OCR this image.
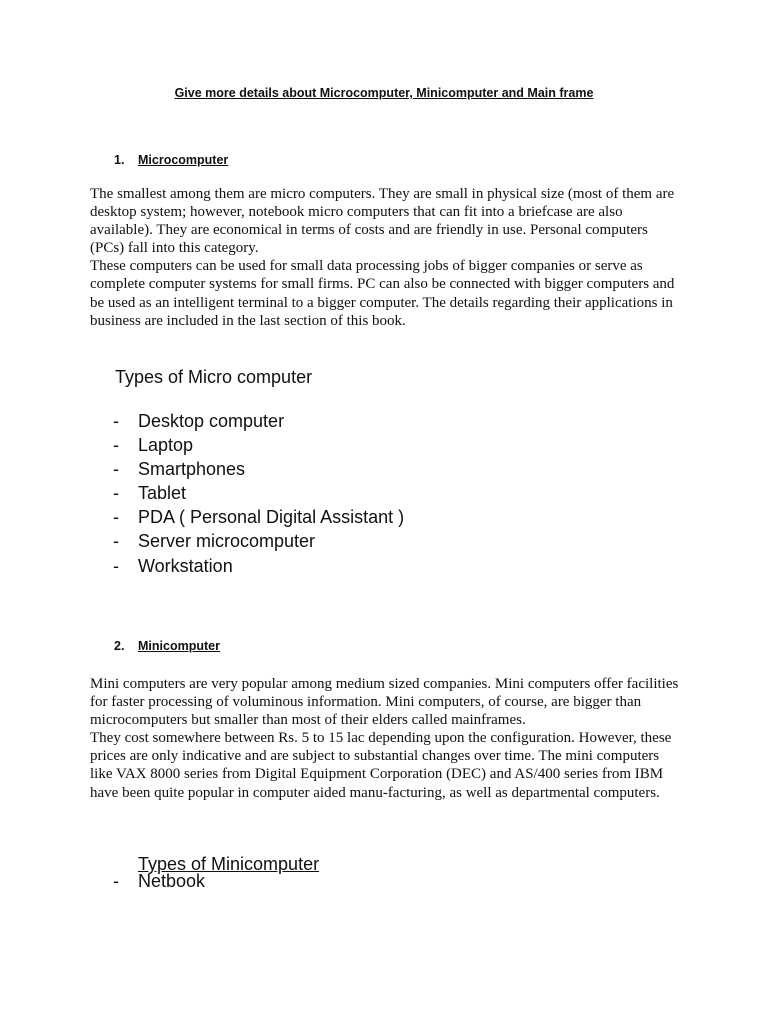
Give more details about Microcomputer, Minicomputer and Main frame
1. Microcomputer

The smallest among them are micro computers. They are small in physical size (most of them are desktop system; however, notebook micro computers that can fit into a briefcase are also available). They are economical in terms of costs and are friendly in use. Personal computers (PCs) fall into this category.

These computers can be used for small data processing jobs of bigger companies or serve as complete computer systems for small firms. PC can also be connected with bigger computers and be used as an intelligent terminal to a bigger computer. The details regarding their applications in business are included in the last section of this book.

Types of Micro computer
- Desktop computer
- Laptop
- Smartphones
- Tablet
- PDA ( Personal Digital Assistant )
- Server microcomputer
- Workstation
2. Minicomputer

Mini computers are very popular among medium sized companies. Mini computers offer facilities for faster processing of voluminous information. Mini computers, of course, are bigger than microcomputers but smaller than most of their elders called mainframes.

They cost somewhere between Rs. 5 to 15 lac depending upon the configuration. However, these prices are only indicative and are subject to substantial changes over time. The mini computers like VAX 8000 series from Digital Equipment Corporation (DEC) and AS/400 series from IBM have been quite popular in computer aided manu-facturing, as well as departmental computers.

Types of Minicomputer
- Netbook
